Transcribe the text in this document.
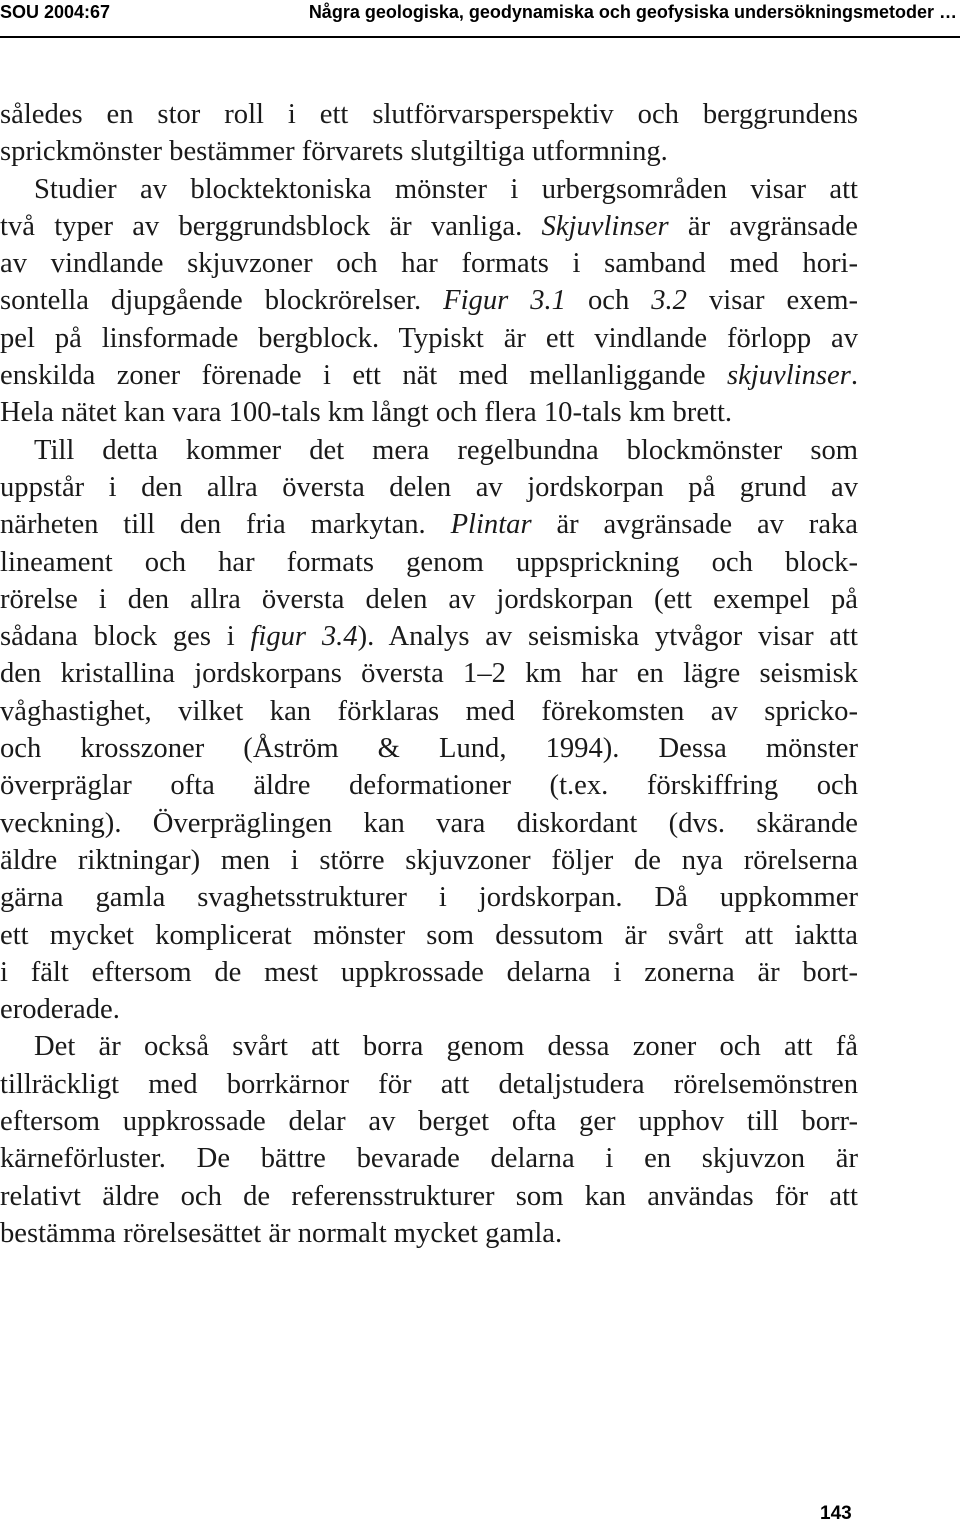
SOU 2004:67	Några geologiska, geodynamiska och geofysiska undersökningsmetoder …
således en stor roll i ett slutförvarsperspektiv och berggrundens
sprickmönster bestämmer förvarets slutgiltiga utformning.
Studier av blocktektoniska mönster i urbergsområden visar att
två typer av berggrundsblock är vanliga. Skjuvlinser är avgränsade
av vindlande skjuvzoner och har formats i samband med hori-
sontella djupgående blockrörelser. Figur 3.1 och 3.2 visar exem-
pel på linsformade bergblock. Typiskt är ett vindlande förlopp av
enskilda zoner förenade i ett nät med mellanliggande skjuvlinser.
Hela nätet kan vara 100-tals km långt och flera 10-tals km brett.
Till detta kommer det mera regelbundna blockmönster som
uppstår i den allra översta delen av jordskorpan på grund av
närheten till den fria markytan. Plintar är avgränsade av raka
lineament och har formats genom uppsprickning och block-
rörelse i den allra översta delen av jordskorpan (ett exempel på
sådana block ges i figur 3.4). Analys av seismiska ytvågor visar att
den kristallina jordskorpans översta 1–2 km har en lägre seismisk
våghastighet, vilket kan förklaras med förekomsten av spricko-
och krosszoner (Åström & Lund, 1994). Dessa mönster
överpräglar ofta äldre deformationer (t.ex. förskiffring och
veckning). Överpräglingen kan vara diskordant (dvs. skärande
äldre riktningar) men i större skjuvzoner följer de nya rörelserna
gärna gamla svaghetsstrukturer i jordskorpan. Då uppkommer
ett mycket komplicerat mönster som dessutom är svårt att iaktta
i fält eftersom de mest uppkrossade delarna i zonerna är bort-
eroderade.
Det är också svårt att borra genom dessa zoner och att få
tillräckligt med borrkärnor för att detaljstudera rörelsemönstren
eftersom uppkrossade delar av berget ofta ger upphov till borr-
kärneförluster. De bättre bevarade delarna i en skjuvzon är
relativt äldre och de referensstrukturer som kan användas för att
bestämma rörelsesättet är normalt mycket gamla.
143
